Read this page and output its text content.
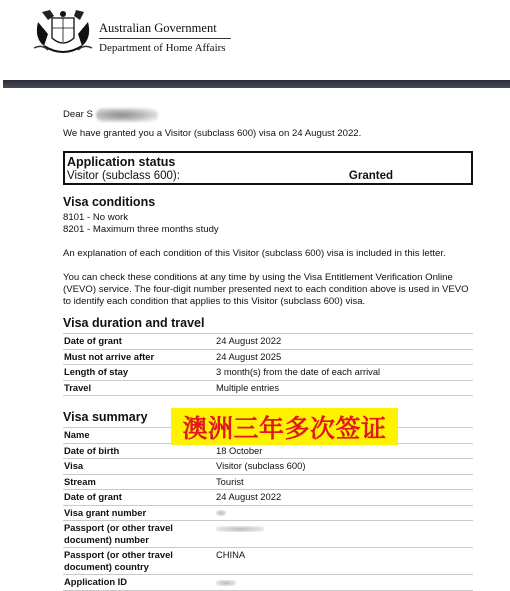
Australian Government
Department of Home Affairs

Dear S

We have granted you a Visitor (subclass 600) visa on 24 August 2022.

Application status
Visitor (subclass 600):	Granted
Visa conditions

8101 - No work

8201 - Maximum three months study

An explanation of each condition of this Visitor (subclass 600) visa is included in this letter.

You can check these conditions at any time by using the Visa Entitlement Verification Online (VEVO) service. The four-digit number presented next to each condition above is used in VEVO to identify each condition that applies to this Visitor (subclass 600) visa.

Visa duration and travel
Date of grant	24 August 2022
Must not arrive after	24 August 2025
Length of stay	3 month(s) from the date of each arrival
Travel	Multiple entries
Visa summary
Name	
Date of birth	18 October
Visa	Visitor (subclass 600)
Stream	Tourist
Date of grant	24 August 2022
Visa grant number	
Passport (or other travel document) number	
Passport (or other travel document) country	CHINA
Application ID	
澳洲三年多次签证
